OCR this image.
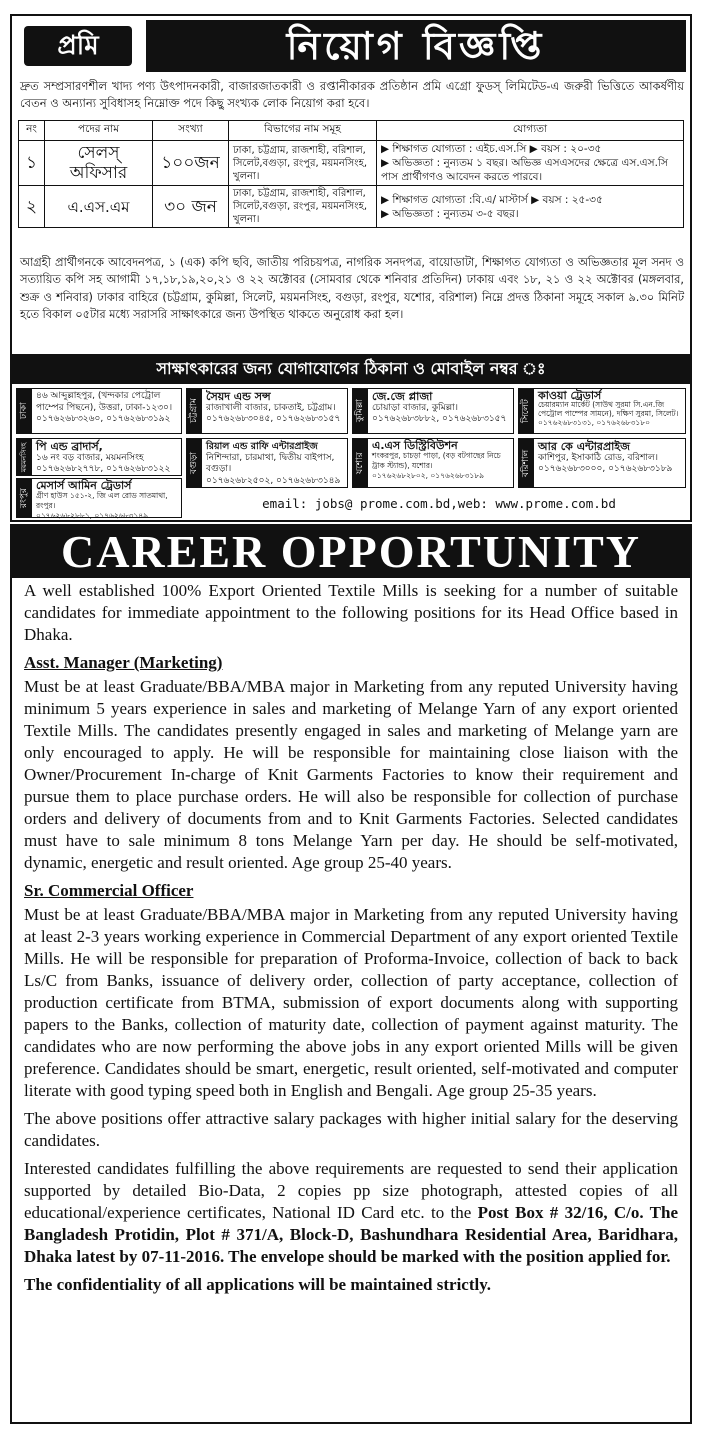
প্রমি	নিয়োগ বিজ্ঞপ্তি
দ্রুত সম্প্রসারণশীল খাদ্য পণ্য উৎপাদনকারী, বাজারজাতকারী ও রপ্তানীকারক প্রতিষ্ঠান প্রমি এগ্রো ফুডস্ লিমিটেড-এ জরুরী ভিত্তিতে আকর্ষণীয় বেতন ও অন্যান্য সুবিধাসহ নিম্নোক্ত পদে কিছু সংখ্যক লোক নিয়োগ করা হবে।
নং	পদের নাম	সংখ্যা	বিভাগের নাম সমূহ	যোগ্যতা
১	সেলস্ অফিসার	১০০জন	ঢাকা, চট্টগ্রাম, রাজশাহী, বরিশাল, সিলেট,বগুড়া, রংপুর, ময়মনসিংহ, খুলনা।	▶ শিক্ষাগত যোগ্যতা : এইচ.এস.সি ▶ বয়স : ২০-৩৫
▶ অভিজ্ঞতা : নুন্যতম ১ বছর। অভিজ্ঞ এসএসদের ক্ষেত্রে এস.এস.সি পাস প্রার্থীগণও আবেদন করতে পারবে।

২	এ.এস.এম	৩০ জন	ঢাকা, চট্টগ্রাম, রাজশাহী, বরিশাল, সিলেট,বগুড়া, রংপুর, ময়মনসিংহ, খুলনা।	▶ শিক্ষাগত যোগ্যতা :বি.এ/ মাস্টার্স ▶ বয়স : ২৫-৩৫
▶ অভিজ্ঞতা : নুন্যতম ৩-৫ বছর।
আগ্রহী প্রার্থীগনকে আবেদনপত্র, ১ (এক) কপি ছবি, জাতীয় পরিচয়পত্র, নাগরিক সনদপত্র, বায়োডাটা, শিক্ষাগত যোগ্যতা ও অভিজ্ঞতার মূল সনদ ও সত্যায়িত কপি সহ আগামী ১৭,১৮,১৯,২০,২১ ও ২২ অক্টোবর (সোমবার থেকে শনিবার প্রতিদিন) ঢাকায় এবং ১৮, ২১ ও ২২ অক্টোবর (মঙ্গলবার, শুক্র ও শনিবার) ঢাকার বাহিরে (চট্টগ্রাম, কুমিল্লা, সিলেট, ময়মনসিংহ, বগুড়া, রংপুর, যশোর, বরিশাল) নিম্নে প্রদত্ত ঠিকানা সমূহে সকাল ৯.৩০ মিনিট হতে বিকাল ০৫টার মধ্যে সরাসরি সাক্ষাৎকারে জন্য উপস্থিত থাকতে অনুরোধ করা হল।
সাক্ষাৎকারের জন্য যোগাযোগের ঠিকানা ও মোবাইল নম্বর ঃ
ঢাকা
৪৬ আব্দুল্লাহপুর, (খন্দকার পেট্রোল পাম্পের পিছনে), উত্তরা, ঢাকা-১২৩০।
০১৭৬২৬৮৩২৬০, ০১৭৬২৬৮৩১৯২	চট্টগ্রাম
সৈয়দ এন্ড সন্স
রাজাখালী বাজার, চাকতাই, চট্টগ্রাম।
০১৭৬২৬৮৩০৪৫, ০১৭৬২৬৮৩১৫৭	কুমিল্লা
জে.জে প্লাজা
চোয়াড়া বাজার, কুমিল্লা।
০১৭৬২৬৮৩৮৮২, ০১৭৬২৬৮৩১৫৭	সিলেট
কাওয়া ট্রেডার্স
চেয়ারম্যান মার্কেট (সাউথ সুরমা সি.এন.জি পেট্রোল পাম্পের সামনে), দক্ষিণ সুরমা, সিলেট।
০১৭৬২৬৮৩১৩১, ০১৭৬২৬৮৩১৮০
ময়মনসিংহ পি এন্ড ব্রাদার্স,
১৬ নং বড় বাজার, ময়মনসিংহ
০১৭৬২৬৮২৭৭৮, ০১৭৬২৬৮৩১২২	বগুড়া
রিয়াল এন্ড রাফি এন্টারপ্রাইজ
নিশিন্দারা, চারমাথা, দ্বিতীয় বাইপাস, বগুড়া।
০১৭৬২৬৮২৫০২, ০১৭৬২৬৮৩১৪৯
যশোর
এ.এস ডিস্ট্রিবিউশন
শংকরপুর, চাচড়া পাড়া, (বড় বটগাছের নিচে ট্রাক স্ট্যান্ড), যশোর।
০১৭৬২৬৮২৮০২, ০১৭৬২৬৮৩১৮৯	বরিশাল
আর কে এন্টারপ্রাইজ
কাশিপুর, ইসাকাঠি রোড, বরিশাল।
০১৭৬২৬৮৩০০০, ০১৭৬২৬৮৩১৮৯
রংপুর
মেসার্স আমিন ট্রেডার্স
গ্রীণ হাউস ১৫১-২, জি এল রোড সাতমাথা, রংপুর।
০১৭৬২৬৮২৮৮১, ০১৭৬২৬৮৩১৪৯
email: jobs@ prome.com.bd,web: www.prome.com.bd
CAREER OPPORTUNITY

A well established 100% Export Oriented Textile Mills is seeking for a number of suitable candidates for immediate appointment to the following positions for its Head Office based in Dhaka.

Asst. Manager (Marketing)

Must be at least Graduate/BBA/MBA major in Marketing from any reputed University having minimum 5 years experience in sales and marketing of Melange Yarn of any export oriented Textile Mills. The candidates presently engaged in sales and marketing of Melange yarn are only encouraged to apply. He will be responsible for maintaining close liaison with the Owner/Procurement In-charge of Knit Garments Factories to know their requirement and pursue them to place purchase orders. He will also be responsible for collection of purchase orders and delivery of documents from and to Knit Garments Factories. Selected candidates must have to sale minimum 8 tons Melange Yarn per day. He should be self-motivated, dynamic, energetic and result oriented. Age group 25-40 years.

Sr. Commercial Officer

Must be at least Graduate/BBA/MBA major in Marketing from any reputed University having at least 2-3 years working experience in Commercial Department of any export oriented Textile Mills. He will be responsible for preparation of Proforma-Invoice, collection of back to back Ls/C from Banks, issuance of delivery order, collection of party acceptance, collection of production certificate from BTMA, submission of export documents along with supporting papers to the Banks, collection of maturity date, collection of payment against maturity. The candidates who are now performing the above jobs in any export oriented Mills will be given preference. Candidates should be smart, energetic, result oriented, self-motivated and computer literate with good typing speed both in English and Bengali. Age group 25-35 years.

The above positions offer attractive salary packages with higher initial salary for the deserving candidates.

Interested candidates fulfilling the above requirements are requested to send their application supported by detailed Bio-Data, 2 copies pp size photograph, attested copies of all educational/experience certificates, National ID Card etc. to the Post Box # 32/16, C/o. The Bangladesh Protidin, Plot # 371/A, Block-D, Bashundhara Residential Area, Baridhara, Dhaka latest by 07-11-2016. The envelope should be marked with the position applied for.

The confidentiality of all applications will be maintained strictly.
